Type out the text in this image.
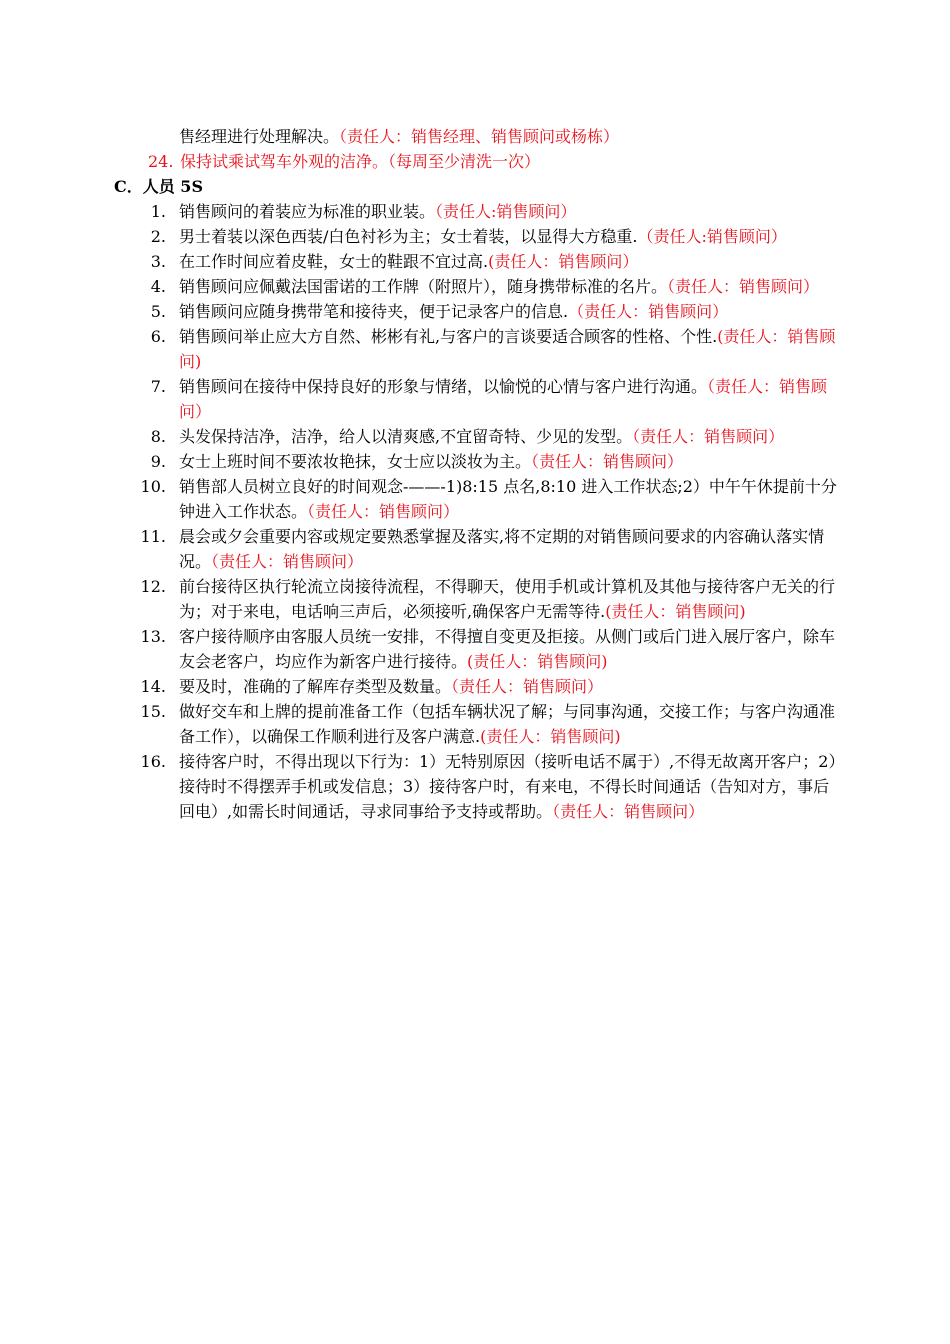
售经理进行处理解决。（责任人：销售经理、销售顾问或杨栋）
24. 保持试乘试驾车外观的洁净。（每周至少清洗一次）
C．人员 5S
1. 销售顾问的着装应为标准的职业装。（责任人:销售顾问）
2. 男士着装以深色西装/白色衬衫为主；女士着装，以显得大方稳重.（责任人:销售顾问）
3. 在工作时间应着皮鞋，女士的鞋跟不宜过高.(责任人：销售顾问）
4. 销售顾问应佩戴法国雷诺的工作牌（附照片），随身携带标准的名片。（责任人：销售顾问）
5. 销售顾问应随身携带笔和接待夹，便于记录客户的信息.（责任人：销售顾问）
6. 销售顾问举止应大方自然、彬彬有礼,与客户的言谈要适合顾客的性格、个性.(责任人：销售顾问)
7. 销售顾问在接待中保持良好的形象与情绪，以愉悦的心情与客户进行沟通。（责任人：销售顾问）
8. 头发保持洁净，洁净，给人以清爽感,不宜留奇特、少见的发型。（责任人：销售顾问）
9. 女士上班时间不要浓妆艳抹，女士应以淡妆为主。（责任人：销售顾问）
10. 销售部人员树立良好的时间观念-——-1)8:15 点名,8:10 进入工作状态;2）中午午休提前十分钟进入工作状态。（责任人：销售顾问）
11. 晨会或夕会重要内容或规定要熟悉掌握及落实,将不定期的对销售顾问要求的内容确认落实情况。（责任人：销售顾问）
12. 前台接待区执行轮流立岗接待流程，不得聊天，使用手机或计算机及其他与接待客户无关的行为；对于来电，电话响三声后，必须接听,确保客户无需等待.(责任人：销售顾问)
13. 客户接待顺序由客服人员统一安排，不得擅自变更及拒接。从侧门或后门进入展厅客户，除车友会老客户，均应作为新客户进行接待。(责任人：销售顾问)
14. 要及时，准确的了解库存类型及数量。（责任人：销售顾问）
15. 做好交车和上牌的提前准备工作（包括车辆状况了解；与同事沟通，交接工作；与客户沟通准备工作），以确保工作顺利进行及客户满意.(责任人：销售顾问)
16. 接待客户时，不得出现以下行为：1）无特别原因（接听电话不属于）,不得无故离开客户；2）接待时不得摆弄手机或发信息；3）接待客户时，有来电，不得长时间通话（告知对方，事后回电）,如需长时间通话，寻求同事给予支持或帮助。（责任人：销售顾问）
